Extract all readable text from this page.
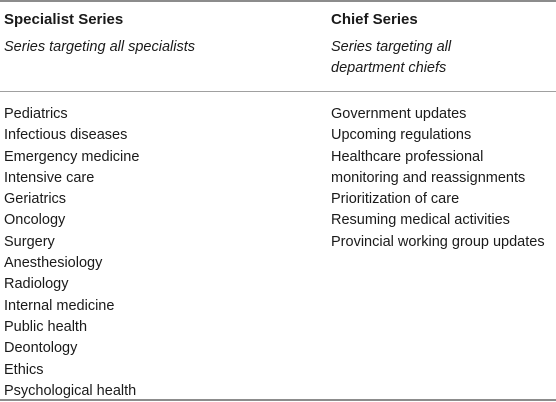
Specialist Series
Series targeting all specialists
Pediatrics
Infectious diseases
Emergency medicine
Intensive care
Geriatrics
Oncology
Surgery
Anesthesiology
Radiology
Internal medicine
Public health
Deontology
Ethics
Psychological health
Chief Series
Series targeting all department chiefs
Government updates
Upcoming regulations
Healthcare professional monitoring and reassignments
Prioritization of care
Resuming medical activities
Provincial working group updates
